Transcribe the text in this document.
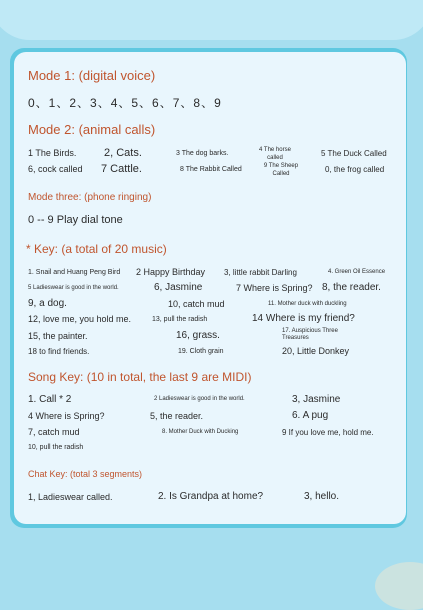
Mode 1: (digital voice)
0、1、2、3、4、5、6、7、8、9
Mode 2: (animal calls)
1 The Birds.	2, Cats.	3 The dog barks.	4 The horse called	5 The Duck Called
6, cock called 7 Cattle.	8 The Rabbit Called	9 The Sheep Called	0, the frog called
Mode three: (phone ringing)
0 -- 9 Play dial tone
* Key: (a total of 20 music)
1. Snail and Huang Peng Bird 2 Happy Birthday 3, little rabbit Darling	4. Green Oil Essence
5 Ladieswear is good in the world.	6, Jasmine	7 Where is Spring? 8, the reader.
9, a dog.	10, catch mud	11. Mother duck with duckling
12, love me, you hold me.	13, pull the radish	14 Where is my friend?
15, the painter.	16, grass.	17. Auspicious Three Treasures
18 to find friends.	19. Cloth grain	20, Little Donkey
Song Key: (10 in total, the last 9 are MIDI)
1. Call * 2	2 Ladieswear is good in the world.	3, Jasmine
4 Where is Spring?	5, the reader.	6. A pug
7, catch mud	8. Mother Duck with Ducking	9 If you love me, hold me.
10, pull the radish
Chat Key: (total 3 segments)
1, Ladieswear called.	2. Is Grandpa at home?	3, hello.
